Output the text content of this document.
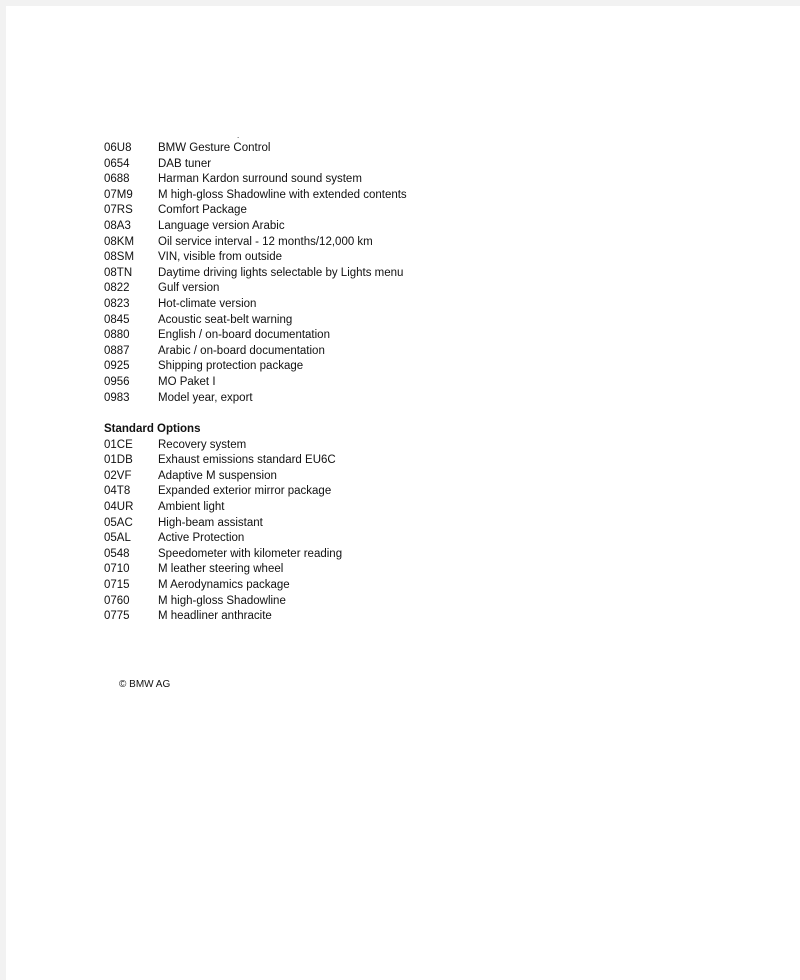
.
06U8	BMW Gesture Control
0654	DAB tuner
0688	Harman Kardon surround sound system
07M9	M high-gloss Shadowline with extended contents
07RS	Comfort Package
08A3	Language version Arabic
08KM	Oil service interval - 12 months/12,000 km
08SM	VIN, visible from outside
08TN	Daytime driving lights selectable by Lights menu
0822	Gulf version
0823	Hot-climate version
0845	Acoustic seat-belt warning
0880	English / on-board documentation
0887	Arabic / on-board documentation
0925	Shipping protection package
0956	MO Paket I
0983	Model year, export
Standard Options
01CE	Recovery system
01DB	Exhaust emissions standard EU6C
02VF	Adaptive M suspension
04T8	Expanded exterior mirror package
04UR	Ambient light
05AC	High-beam assistant
05AL	Active Protection
0548	Speedometer with kilometer reading
0710	M leather steering wheel
0715	M Aerodynamics package
0760	M high-gloss Shadowline
0775	M headliner anthracite
© BMW AG
